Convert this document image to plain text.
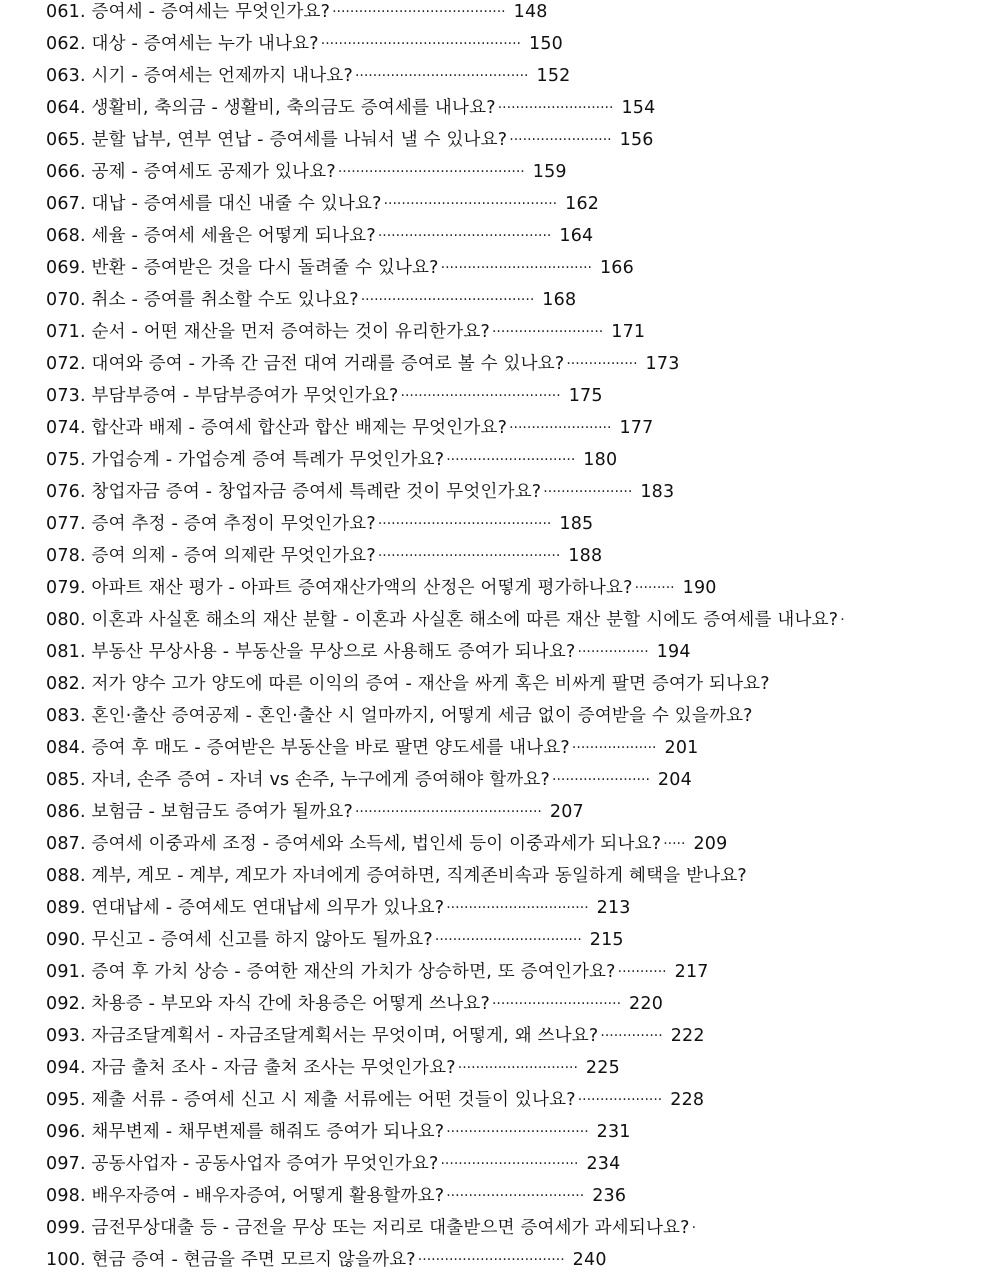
061. 증여세 - 증여세는 무엇인가요? ······································· 148
062. 대상 - 증여세는 누가 내나요? ············································· 150
063. 시기 - 증여세는 언제까지 내나요? ······································· 152
064. 생활비, 축의금 - 생활비, 축의금도 증여세를 내나요? ·························· 154
065. 분할 납부, 연부 연납 - 증여세를 나눠서 낼 수 있나요? ······················· 156
066. 공제 - 증여세도 공제가 있나요? ·········································· 159
067. 대납 - 증여세를 대신 내줄 수 있나요? ······································· 162
068. 세율 - 증여세 세율은 어떻게 되나요? ······································· 164
069. 반환 - 증여받은 것을 다시 돌려줄 수 있나요? ·································· 166
070. 취소 - 증여를 취소할 수도 있나요? ······································· 168
071. 순서 - 어떤 재산을 먼저 증여하는 것이 유리한가요? ························· 171
072. 대여와 증여 - 가족 간 금전 대여 거래를 증여로 볼 수 있나요? ················ 173
073. 부담부증여 - 부담부증여가 무엇인가요? ···································· 175
074. 합산과 배제 - 증여세 합산과 합산 배제는 무엇인가요? ······················· 177
075. 가업승계 - 가업승계 증여 특례가 무엇인가요? ····························· 180
076. 창업자금 증여 - 창업자금 증여세 특례란 것이 무엇인가요? ···················· 183
077. 증여 추정 - 증여 추정이 무엇인가요? ······································· 185
078. 증여 의제 - 증여 의제란 무엇인가요? ········································· 188
079. 아파트 재산 평가 - 아파트 증여재산가액의 산정은 어떻게 평가하나요? ········· 190
080. 이혼과 사실혼 해소의 재산 분할 - 이혼과 사실혼 해소에 따른 재산 분할 시에도 증여세를 내나요? ·
081. 부동산 무상사용 - 부동산을 무상으로 사용해도 증여가 되나요? ················ 194
082. 저가 양수 고가 양도에 따른 이익의 증여 - 재산을 싸게 혹은 비싸게 팔면 증여가 되나요?
083. 혼인·출산 증여공제 - 혼인·출산 시 얼마까지, 어떻게 세금 없이 증여받을 수 있을까요?
084. 증여 후 매도 - 증여받은 부동산을 바로 팔면 양도세를 내나요? ··················· 201
085. 자녀, 손주 증여 - 자녀 vs 손주, 누구에게 증여해야 할까요? ······················ 204
086. 보험금 - 보험금도 증여가 될까요? ·········································· 207
087. 증여세 이중과세 조정 - 증여세와 소득세, 법인세 등이 이중과세가 되나요? ····· 209
088. 계부, 계모 - 계부, 계모가 자녀에게 증여하면, 직계존비속과 동일하게 혜택을 받나요?
089. 연대납세 - 증여세도 연대납세 의무가 있나요? ································ 213
090. 무신고 - 증여세 신고를 하지 않아도 될까요? ································· 215
091. 증여 후 가치 상승 - 증여한 재산의 가치가 상승하면, 또 증여인가요? ··········· 217
092. 차용증 - 부모와 자식 간에 차용증은 어떻게 쓰나요? ····························· 220
093. 자금조달계획서 - 자금조달계획서는 무엇이며, 어떻게, 왜 쓰나요? ·············· 222
094. 자금 출처 조사 - 자금 출처 조사는 무엇인가요? ··························· 225
095. 제출 서류 - 증여세 신고 시 제출 서류에는 어떤 것들이 있나요? ··················· 228
096. 채무변제 - 채무변제를 해줘도 증여가 되나요? ································ 231
097. 공동사업자 - 공동사업자 증여가 무엇인가요? ······························· 234
098. 배우자증여 - 배우자증여, 어떻게 활용할까요? ······························· 236
099. 금전무상대출 등 - 금전을 무상 또는 저리로 대출받으면 증여세가 과세되나요? ·
100. 현금 증여 - 현금을 주면 모르지 않을까요? ································· 240
